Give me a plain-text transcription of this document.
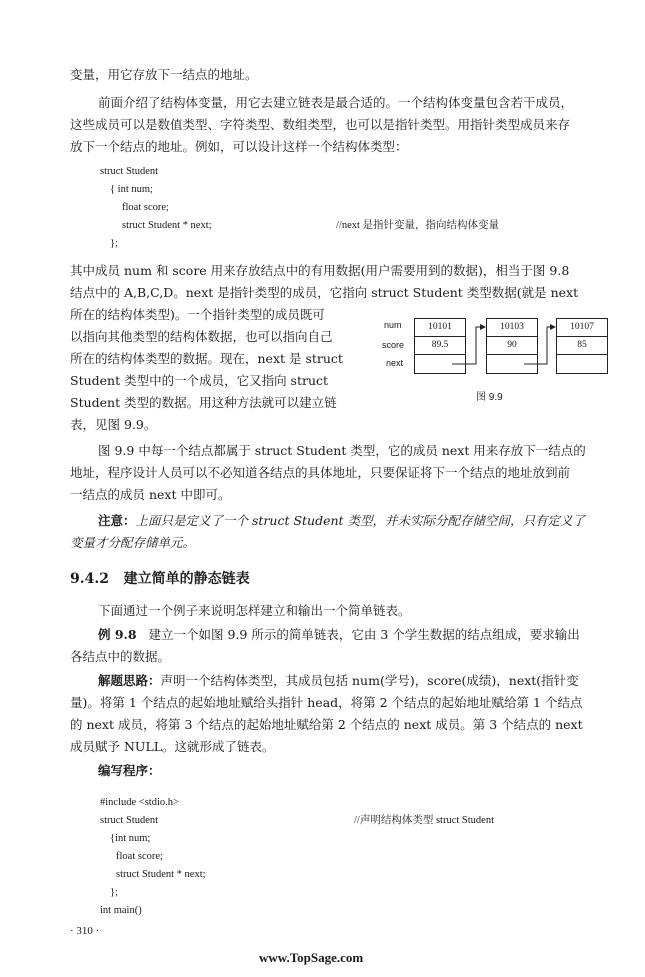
变量，用它存放下一结点的地址。
前面介绍了结构体变量，用它去建立链表是最合适的。一个结构体变量包含若干成员，
这些成员可以是数值类型、字符类型、数组类型，也可以是指针类型。用指针类型成员来存
放下一个结点的地址。例如，可以设计这样一个结构体类型：
struct Student
{ int num;
float score;
struct Student * next;	//next 是指针变量，指向结构体变量
};
其中成员 num 和 score 用来存放结点中的有用数据(用户需要用到的数据)，相当于图 9.8
结点中的 A,B,C,D。next 是指针类型的成员，它指向 struct Student 类型数据(就是 next
所在的结构体类型)。一个指针类型的成员既可
以指向其他类型的结构体数据，也可以指向自己
所在的结构体类型的数据。现在，next 是 struct
Student 类型中的一个成员，它又指向 struct
Student 类型的数据。用这种方法就可以建立链
表，见图 9.9。
num
score
next
10101
89.5
10103
90
10107
85
图 9.9
图 9.9 中每一个结点都属于 struct Student 类型，它的成员 next 用来存放下一结点的
地址，程序设计人员可以不必知道各结点的具体地址，只要保证将下一个结点的地址放到前
一结点的成员 next 中即可。
注意：上面只是定义了一个 struct Student 类型，并未实际分配存储空间，只有定义了
变量才分配存储单元。
9.4.2 建立简单的静态链表
下面通过一个例子来说明怎样建立和输出一个简单链表。
例 9.8 建立一个如图 9.9 所示的简单链表，它由 3 个学生数据的结点组成，要求输出
各结点中的数据。
解题思路：声明一个结构体类型，其成员包括 num(学号)，score(成绩)，next(指针变
量)。将第 1 个结点的起始地址赋给头指针 head，将第 2 个结点的起始地址赋给第 1 个结点
的 next 成员，将第 3 个结点的起始地址赋给第 2 个结点的 next 成员。第 3 个结点的 next
成员赋予 NULL。这就形成了链表。
编写程序：
#include <stdio.h>
struct Student	//声明结构体类型 struct Student
{int num;
float score;
struct Student * next;
};
int main()
· 310 ·
www.TopSage.com
